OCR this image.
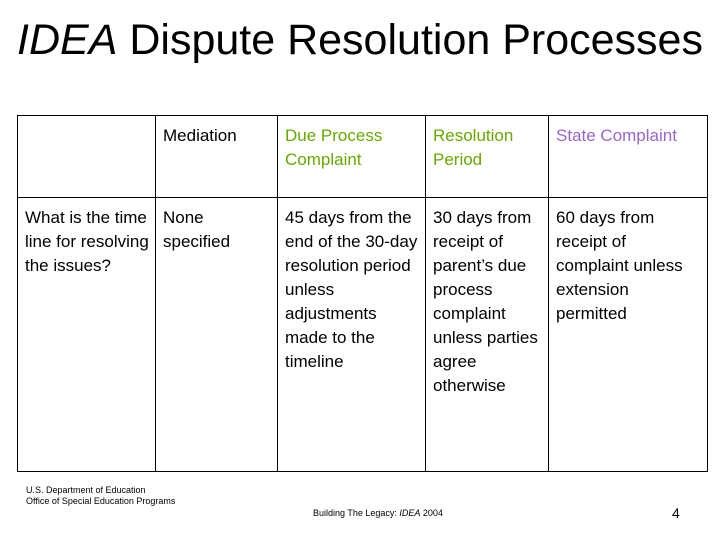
IDEA Dispute Resolution Processes
	Mediation	Due Process Complaint	Resolution Period	State Complaint
What is the time line for resolving the issues?	None specified	45 days from the end of the 30-day resolution period unless adjustments made to the timeline	30 days from receipt of parent’s due process complaint unless parties agree otherwise	60 days from receipt of complaint unless extension permitted
U.S. Department of Education
Office of Special Education Programs
Building The Legacy: IDEA 2004	4
